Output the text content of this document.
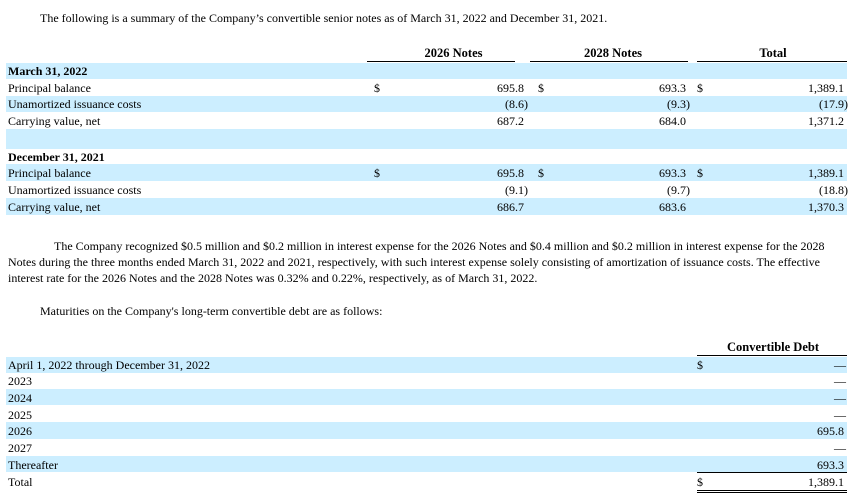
The following is a summary of the Company’s convertible senior notes as of March 31, 2022 and December 31, 2021.
2026 Notes	2028 Notes	Total
March 31, 2022
Principal balance	$	695.8 $	693.3 $	1,389.1
Unamortized issuance costs	(8.6)	(9.3)	(17.9)
Carrying value, net	687.2	684.0	1,371.2
December 31, 2021
Principal balance	$	695.8 $	693.3 $	1,389.1
Unamortized issuance costs	(9.1)	(9.7)	(18.8)
Carrying value, net	686.7	683.6	1,370.3

The Company recognized $0.5 million and $0.2 million in interest expense for the 2026 Notes and $0.4 million and $0.2 million in interest expense for the 2028 Notes during the three months ended March 31, 2022 and 2021, respectively, with such interest expense solely consisting of amortization of issuance costs. The effective interest rate for the 2026 Notes and the 2028 Notes was 0.32% and 0.22%, respectively, as of March 31, 2022.

Maturities on the Company's long-term convertible debt are as follows:
Convertible Debt
April 1, 2022 through December 31, 2022	$	—
2023	—
2024	—
2025	—
2026	695.8
2027	—
Thereafter	693.3
Total	$	1,389.1
